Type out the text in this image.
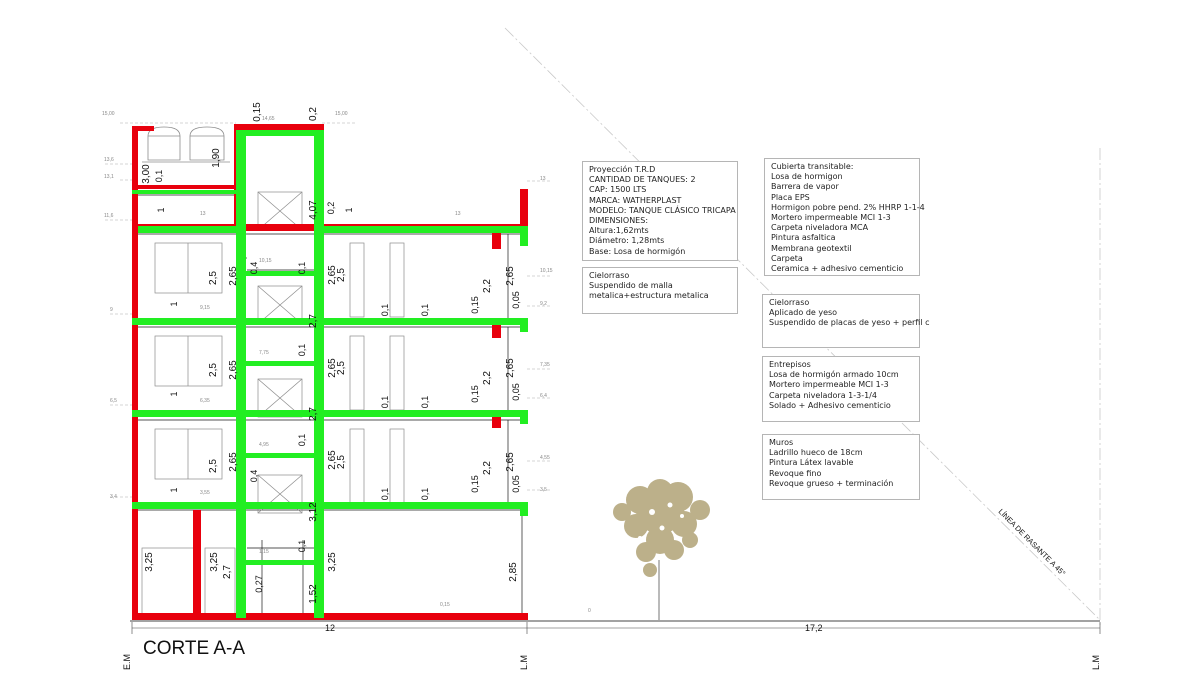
CORTE A-A
12	17,2
E.M	L.M	L.M
LÍNEA DE RASANTE A 45°
0,15	0,2
3,00 0,1
1,90
1	1
0,2
4,07
2,65
2,5
1
0,4	0,1 2,65
2,5
2,7
0,1	0,1	0,15
2,2
2,65
0,05
2,5 2,65
1
0,1
2,65
2,5
2,7
0,1	0,1	0,15
2,2
2,65
0,05
2,5 2,65
1
0,4
0,1
2,65
2,5
0,1	0,1
0,15
2,2 2,65
0,05
3,25	3,25
2,7
0,27
0,1
3,12
1,52
3,25
2,85
15,00	15,00
14,65
13,6
13,1	13
13	13
11,6
10,15
10,15
9,15
9,2
9
7,75
7,35
6,35
6,4
6,5
4,95
4,55
3,55	3,5
3,4
1,15
0,15
0
Proyección T.R.D
CANTIDAD DE TANQUES: 2
CAP: 1500 LTS
MARCA: WATHERPLAST
MODELO: TANQUE CLÁSICO TRICAPA
DIMENSIONES:
Altura:1,62mts
Diámetro: 1,28mts
Base: Losa de hormigón
Cielorraso
Suspendido de malla
metalica+estructura metalica
Cubierta transitable:
Losa de hormigon
Barrera de vapor
Placa EPS
Hormigon pobre pend. 2% HHRP 1-1-4
Mortero impermeable MCI 1-3
Carpeta niveladora MCA
Pintura asfaltica
Membrana geotextil
Carpeta
Ceramica + adhesivo cementicio
Cielorraso
Aplicado de yeso
Suspendido de placas de yeso + perfil c
Entrepisos
Losa de hormigón armado 10cm
Mortero impermeable MCI 1-3
Carpeta niveladora 1-3-1/4
Solado + Adhesivo cementicio
Muros
Ladrillo hueco de 18cm
Pintura Látex lavable
Revoque fino
Revoque grueso + terminación
